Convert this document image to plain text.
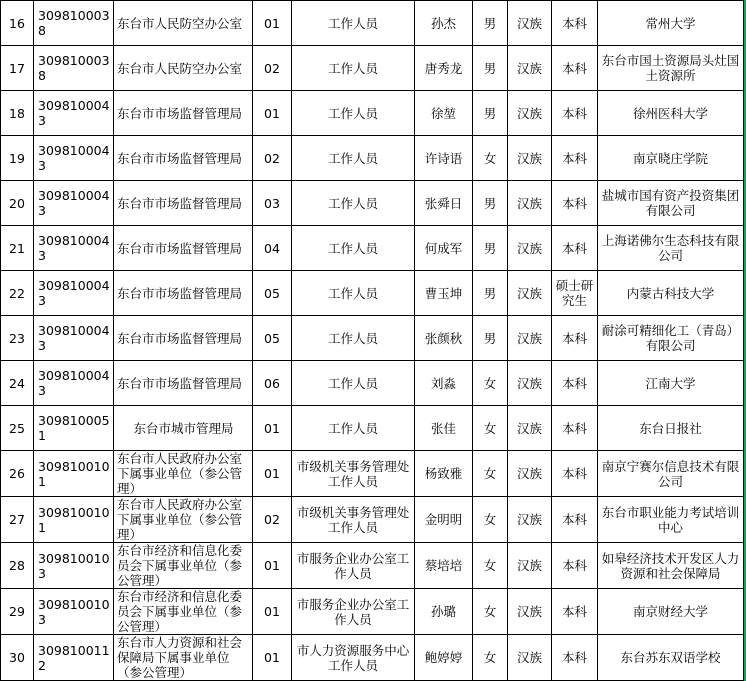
16	3098100038	东台市人民防空办公室	01	工作人员	孙杰	男	汉族	本科	常州大学
17	3098100038	东台市人民防空办公室	02	工作人员	唐秀龙	男	汉族	本科	东台市国土资源局头灶国土资源所
18	3098100043	东台市市场监督管理局	01	工作人员	徐堃	男	汉族	本科	徐州医科大学
19	3098100043	东台市市场监督管理局	02	工作人员	许诗语	女	汉族	本科	南京晓庄学院
20	3098100043	东台市市场监督管理局	03	工作人员	张舜日	男	汉族	本科	盐城市国有资产投资集团有限公司
21	3098100043	东台市市场监督管理局	04	工作人员	何成军	男	汉族	本科	上海诺佛尔生态科技有限公司
22	3098100043	东台市市场监督管理局	05	工作人员	曹玉坤	男	汉族	硕士研究生	内蒙古科技大学
23	3098100043	东台市市场监督管理局	05	工作人员	张颜秋	男	汉族	本科	耐涂可精细化工（青岛）有限公司
24	3098100043	东台市市场监督管理局	06	工作人员	刘淼	女	汉族	本科	江南大学
25	3098100051	东台市城市管理局	01	工作人员	张佳	女	汉族	本科	东台日报社
26	3098100101	东台市人民政府办公室下属事业单位（参公管理）	01	市级机关事务管理处工作人员	杨致雅	女	汉族	本科	南京宁赛尔信息技术有限公司
27	3098100101	东台市人民政府办公室下属事业单位（参公管理）	02	市级机关事务管理处工作人员	金明明	女	汉族	本科	东台市职业能力考试培训中心
28	3098100103	东台市经济和信息化委员会下属事业单位（参公管理）	01	市服务企业办公室工作人员	蔡培培	女	汉族	本科	如皋经济技术开发区人力资源和社会保障局
29	3098100103	东台市经济和信息化委员会下属事业单位（参公管理）	01	市服务企业办公室工作人员	孙璐	女	汉族	本科	南京财经大学
30	3098100112	东台市人力资源和社会保障局下属事业单位（参公管理）	01	市人力资源服务中心工作人员	鲍婷婷	女	汉族	本科	东台苏东双语学校
